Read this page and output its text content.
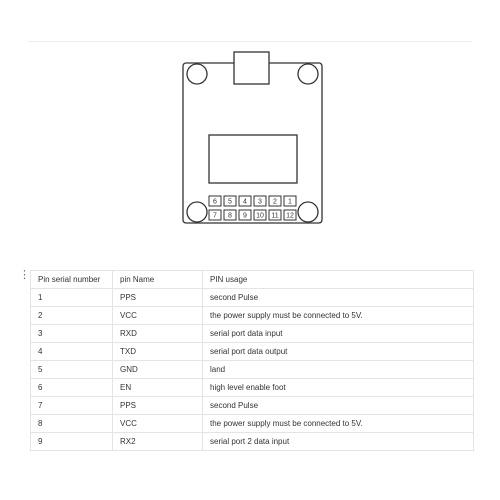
6 5 4 3 2 1
7 8 9 10 11 12
⋮ Pin serial number	pin Name	PIN usage
1	PPS	second Pulse
2	VCC	the power supply must be connected to 5V.
3	RXD	serial port data input
4	TXD	serial port data output
5	GND	land
6	EN	high level enable foot
7	PPS	second Pulse
8	VCC	the power supply must be connected to 5V.
9	RX2	serial port 2 data input
